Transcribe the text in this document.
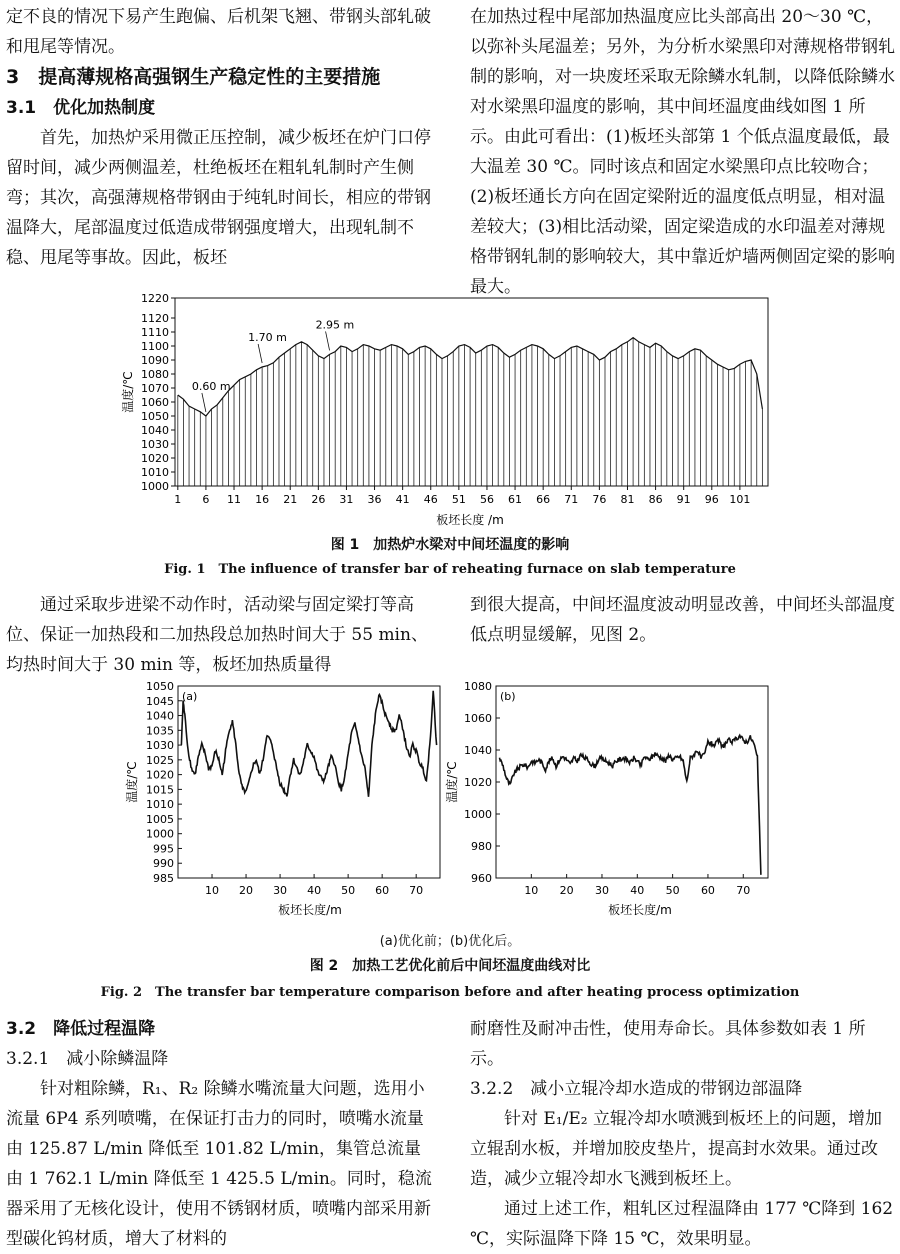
定不良的情况下易产生跑偏、后机架飞翘、带钢头部轧破和甩尾等情况。

3　提高薄规格高强钢生产稳定性的主要措施

3.1　优化加热制度

首先，加热炉采用微正压控制，减少板坯在炉门口停留时间，减少两侧温差，杜绝板坯在粗轧轧制时产生侧弯；其次，高强薄规格带钢由于纯轧时间长，相应的带钢温降大，尾部温度过低造成带钢强度增大，出现轧制不稳、甩尾等事故。因此，板坯

在加热过程中尾部加热温度应比头部高出 20～30 ℃，以弥补头尾温差；另外，为分析水梁黑印对薄规格带钢轧制的影响，对一块废坯采取无除鳞水轧制，以降低除鳞水对水梁黑印温度的影响，其中间坯温度曲线如图 1 所示。由此可看出：(1)板坯头部第 1 个低点温度最低，最大温差 30 ℃。同时该点和固定水梁黑印点比较吻合；(2)板坯通长方向在固定梁附近的温度低点明显，相对温差较大；(3)相比活动梁，固定梁造成的水印温差对薄规格带钢轧制的影响较大，其中靠近炉墙两侧固定梁的影响最大。

1000
1010
1020
1030
1040
1050
1060
1070
1080
1090
1100
1110
1120
1220
1 6 11 16 21 26 31 36 41 46 51 56 61 66 71 76 81 86 91 96 101
0.60 m
1.70 m
2.95 m
温度/℃
板坯长度 /m
图 1　加热炉水梁对中间坯温度的影响
Fig. 1　The influence of transfer bar of reheating furnace on slab temperature

通过采取步进梁不动作时，活动梁与固定梁打等高位、保证一加热段和二加热段总加热时间大于 55 min、均热时间大于 30 min 等，板坯加热质量得

到很大提高，中间坯温度波动明显改善，中间坯头部温度低点明显缓解，见图 2。

985
990
995
1000
1005
1010
1015
1020
1025
1030
1035
1040
1045
1050
10 20 30 40 50 60 70
(a)
温度/℃
板坯长度/m
960
980
1000
1020
1040
1060
1080
10 20 30 40 50 60 70
(b)
温度/℃
板坯长度/m
(a)优化前；(b)优化后。
图 2　加热工艺优化前后中间坯温度曲线对比
Fig. 2　The transfer bar temperature comparison before and after heating process optimization

3.2　降低过程温降

3.2.1　减小除鳞温降

针对粗除鳞，R₁、R₂ 除鳞水嘴流量大问题，选用小流量 6P4 系列喷嘴，在保证打击力的同时，喷嘴水流量由 125.87 L/min 降低至 101.82 L/min，集管总流量由 1 762.1 L/min 降低至 1 425.5 L/min。同时，稳流器采用了无核化设计，使用不锈钢材质，喷嘴内部采用新型碳化钨材质，增大了材料的

耐磨性及耐冲击性，使用寿命长。具体参数如表 1 所示。

3.2.2　减小立辊冷却水造成的带钢边部温降

针对 E₁/E₂ 立辊冷却水喷溅到板坯上的问题，增加立辊刮水板，并增加胶皮垫片，提高封水效果。通过改造，减少立辊冷却水飞溅到板坯上。

通过上述工作，粗轧区过程温降由 177 ℃降到 162 ℃，实际温降下降 15 ℃，效果明显。
